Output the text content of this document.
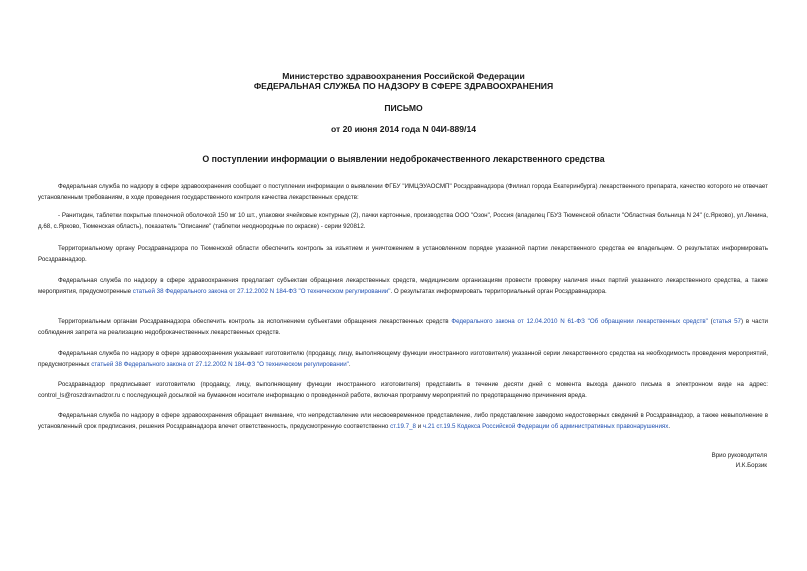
Министерство здравоохранения Российской Федерации
ФЕДЕРАЛЬНАЯ СЛУЖБА ПО НАДЗОРУ В СФЕРЕ ЗДРАВООХРАНЕНИЯ
ПИСЬМО
от 20 июня 2014 года N 04И-889/14
О поступлении информации о выявлении недоброкачественного лекарственного средства

Федеральная служба по надзору в сфере здравоохранения сообщает о поступлении информации о выявлении ФГБУ "ИМЦЭУАОСМП" Росздравнадзора (Филиал города Екатеринбурга) лекарственного препарата, качество которого не отвечает установленным требованиям, в ходе проведения государственного контроля качества лекарственных средств:

- Ранитидин, таблетки покрытые пленочной оболочкой 150 мг 10 шт., упаковки ячейковые контурные (2), пачки картонные, производства ООО "Озон", Россия (владелец ГБУЗ Тюменской области "Областная больница N 24" (с.Ярково), ул.Ленина, д.68, с.Ярково, Тюменская область), показатель "Описание" (таблетки неоднородные по окраске) - серии 920812.

Территориальному органу Росздравнадзора по Тюменской области обеспечить контроль за изъятием и уничтожением в установленном порядке указанной партии лекарственного средства ее владельцем. О результатах информировать Росздравнадзор.

Федеральная служба по надзору в сфере здравоохранения предлагает субъектам обращения лекарственных средств, медицинским организациям провести проверку наличия иных партий указанного лекарственного средства, а также мероприятия, предусмотренные статьей 38 Федерального закона от 27.12.2002 N 184-ФЗ "О техническом регулировании". О результатах информировать территориальный орган Росздравнадзора.

Территориальным органам Росздравнадзора обеспечить контроль за исполнением субъектами обращения лекарственных средств Федерального закона от 12.04.2010 N 61-ФЗ "Об обращении лекарственных средств" (статья 57) в части соблюдения запрета на реализацию недоброкачественных лекарственных средств.

Федеральная служба по надзору в сфере здравоохранения указывает изготовителю (продавцу, лицу, выполняющему функции иностранного изготовителя) указанной серии лекарственного средства на необходимость проведения мероприятий, предусмотренных статьей 38 Федерального закона от 27.12.2002 N 184-ФЗ "О техническом регулировании".

Росздравнадзор предписывает изготовителю (продавцу, лицу, выполняющему функции иностранного изготовителя) представить в течение десяти дней с момента выхода данного письма в электронном виде на адрес: control_ls@roszdravnadzor.ru с последующей досылкой на бумажном носителе информацию о проведенной работе, включая программу мероприятий по предотвращению причинения вреда.

Федеральная служба по надзору в сфере здравоохранения обращает внимание, что непредставление или несвоевременное представление, либо представление заведомо недостоверных сведений в Росздравнадзор, а также невыполнение в установленный срок предписания, решения Росздравнадзора влечет ответственность, предусмотренную соответственно ст.19.7_8 и ч.21 ст.19.5 Кодекса Российской Федерации об административных правонарушениях.

Врио руководителя
И.К.Борзик
